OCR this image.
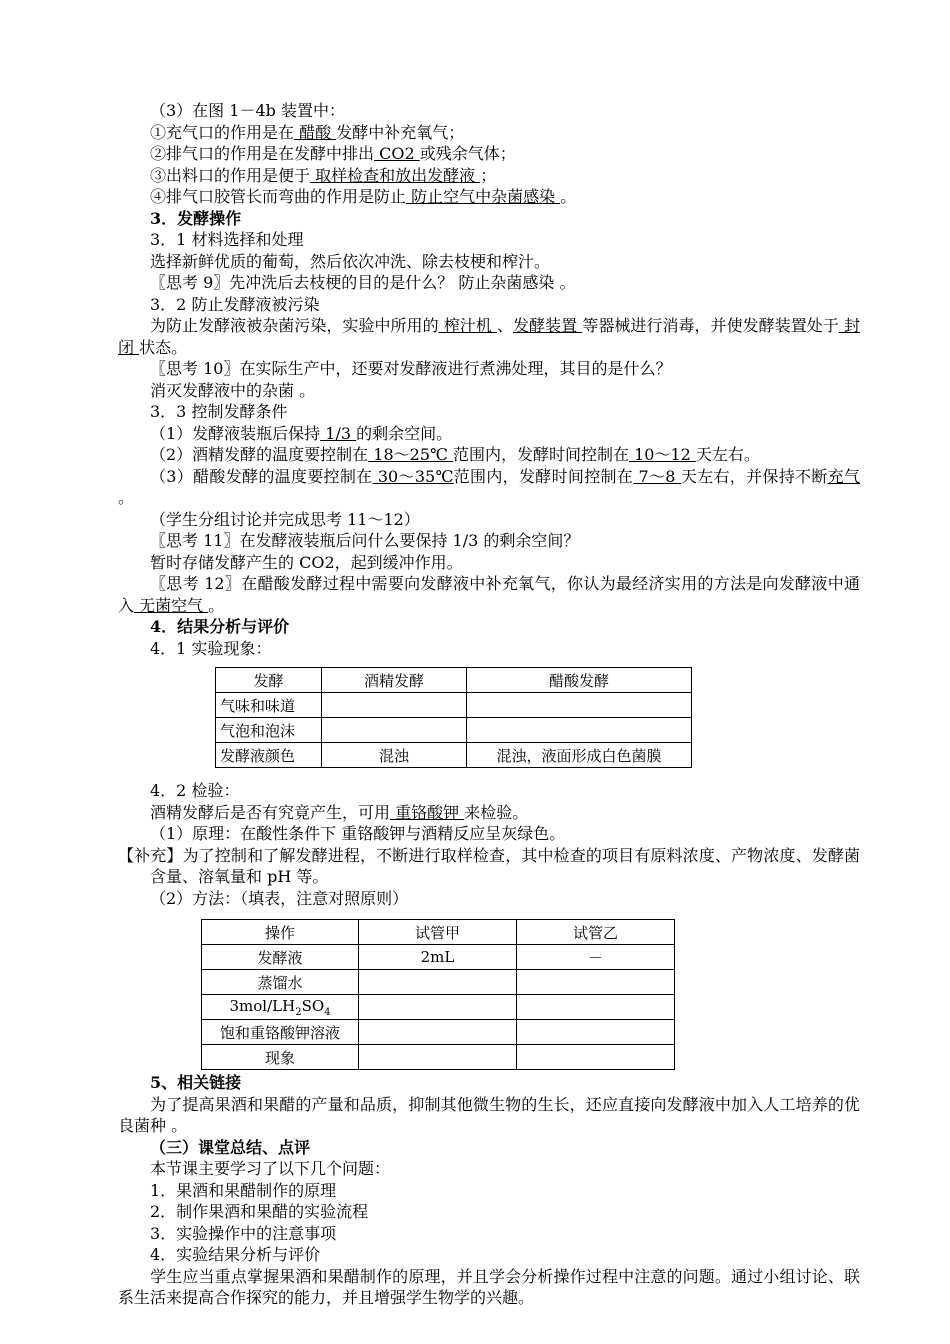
（3）在图 1－4b 装置中：
①充气口的作用是在 醋酸 发酵中补充氧气；
②排气口的作用是在发酵中排出 CO2 或残余气体；
③出料口的作用是便于 取样检查和放出发酵液 ；
④排气口胶管长而弯曲的作用是防止 防止空气中杂菌感染 。
3．发酵操作
3．1 材料选择和处理
选择新鲜优质的葡萄，然后依次冲洗、除去枝梗和榨汁。
〖思考 9〗先冲洗后去枝梗的目的是什么？ 防止杂菌感染 。
3．2 防止发酵液被污染
为防止发酵液被杂菌污染，实验中所用的 榨汁机 、发酵装置 等器械进行消毒，并使发酵装置处于 封闭 状态。
〖思考 10〗在实际生产中，还要对发酵液进行煮沸处理，其目的是什么？
消灭发酵液中的杂菌 。
3．3 控制发酵条件
（1）发酵液装瓶后保持 1/3 的剩余空间。
（2）酒精发酵的温度要控制在 18～25℃ 范围内，发酵时间控制在 10～12 天左右。
（3）醋酸发酵的温度要控制在 30～35℃范围内，发酵时间控制在 7～8 天左右，并保持不断充气 。
（学生分组讨论并完成思考 11～12）
〖思考 11〗在发酵液装瓶后问什么要保持 1/3 的剩余空间？
暂时存储发酵产生的 CO2，起到缓冲作用。
〖思考 12〗在醋酸发酵过程中需要向发酵液中补充氧气，你认为最经济实用的方法是向发酵液中通入 无菌空气 。
4．结果分析与评价
4．1 实验现象：
发酵	酒精发酵	醋酸发酵
气味和味道		
气泡和泡沫		
发酵液颜色	混浊	混浊，液面形成白色菌膜
4．2 检验：
酒精发酵后是否有究竟产生，可用 重铬酸钾 来检验。
（1）原理：在酸性条件下 重铬酸钾与酒精反应呈灰绿色。
【补充】为了控制和了解发酵进程，不断进行取样检查，其中检查的项目有原料浓度、产物浓度、发酵菌含量、溶氧量和 pH 等。
（2）方法：（填表，注意对照原则）
操作	试管甲	试管乙
发酵液	2mL	－
蒸馏水		
$3mol/LH_2SO_4$		
饱和重铬酸钾溶液		
现象		
5、相关链接
为了提高果酒和果醋的产量和品质，抑制其他微生物的生长，还应直接向发酵液中加入人工培养的优良菌种 。
（三）课堂总结、点评
本节课主要学习了以下几个问题：
1．果酒和果醋制作的原理
2．制作果酒和果醋的实验流程
3．实验操作中的注意事项
4．实验结果分析与评价
学生应当重点掌握果酒和果醋制作的原理，并且学会分析操作过程中注意的问题。通过小组讨论、联系生活来提高合作探究的能力，并且增强学生物学的兴趣。
